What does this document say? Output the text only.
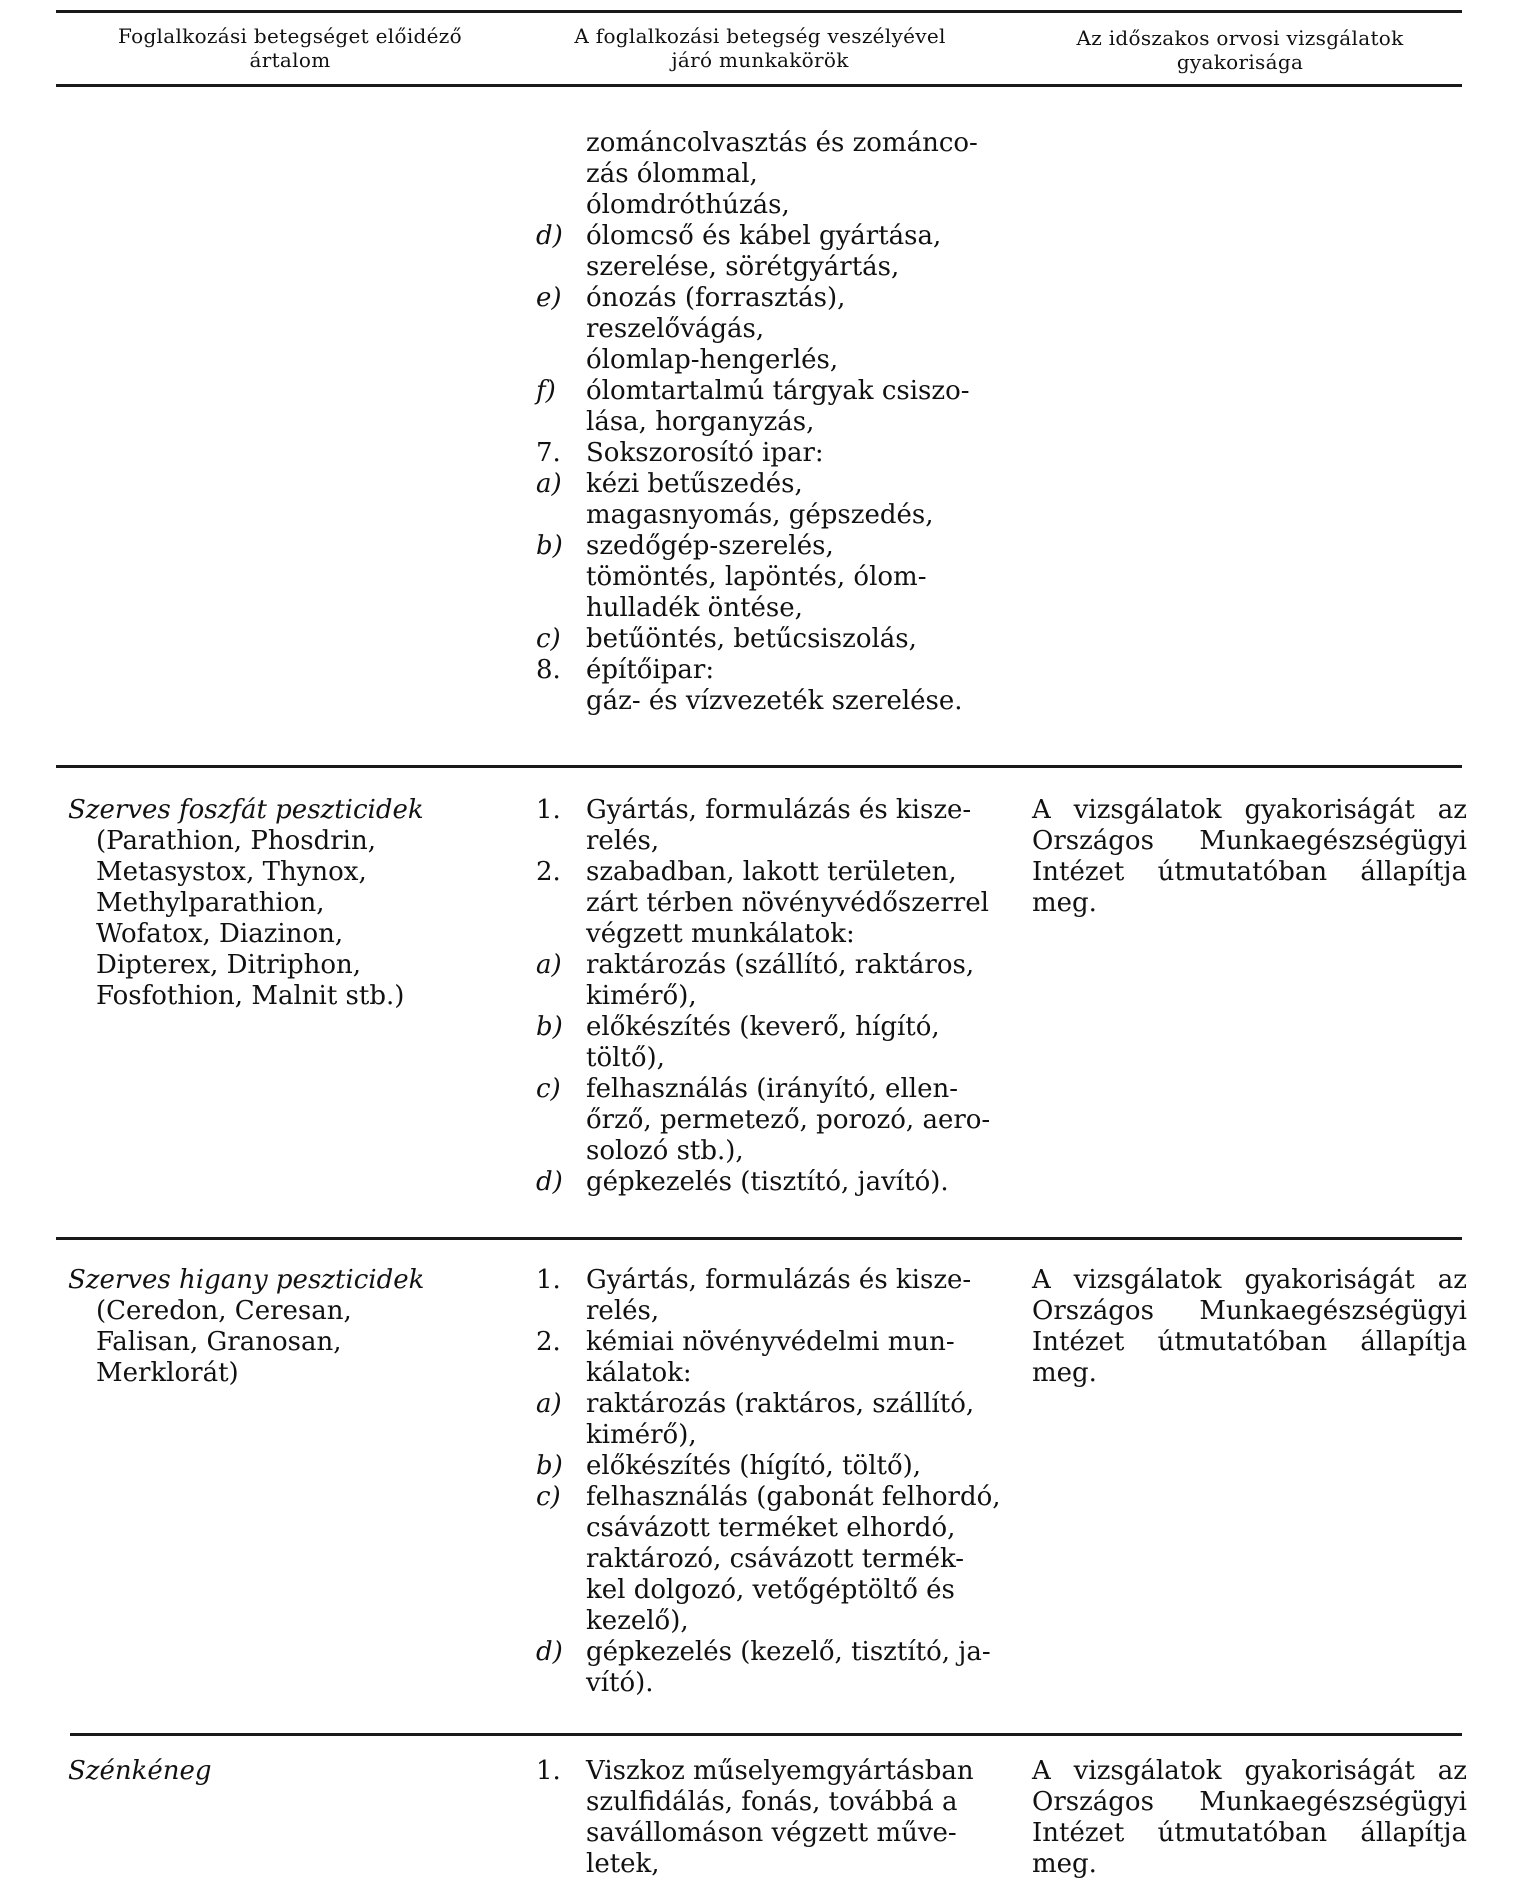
Foglalkozási betegséget előidéző
ártalom
A foglalkozási betegség veszélyével
járó munkakörök
Az időszakos orvosi vizsgálatok
gyakorisága
zománcolvasztás és zománco-
zás ólommal,
ólomdróthúzás,
d) ólomcső és kábel gyártása,
szerelése, sörétgyártás,
e) ónozás (forrasztás),
reszelővágás,
ólomlap-hengerlés,
f)	ólomtartalmú tárgyak csiszo-
lása, horganyzás,
7. Sokszorosító ipar:
a) kézi betűszedés,
magasnyomás, gépszedés,
b) szedőgép-szerelés,
tömöntés, lapöntés, ólom-
hulladék öntése,
c) betűöntés, betűcsiszolás,
8. építőipar:
gáz- és vízvezeték szerelése.
Szerves foszfát peszticidek
(Parathion, Phosdrin,
Metasystox, Thynox,
Methylparathion,
Wofatox, Diazinon,
Dipterex, Ditriphon,
Fosfothion, Malnit stb.)
1. Gyártás, formulázás és kisze-
relés,
2. szabadban, lakott területen,
zárt térben növényvédőszerrel
végzett munkálatok:
a) raktározás (szállító, raktáros,
kimérő),
b) előkészítés (keverő, hígító,
töltő),
c) felhasználás (irányító, ellen-
őrző, permetező, porozó, aero-
solozó stb.),
d) gépkezelés (tisztító, javító).
A vizsgálatok gyakoriságát az
Országos Munkaegészségügyi
Intézet útmutatóban állapítja
meg.
Szerves higany peszticidek
(Ceredon, Ceresan,
Falisan, Granosan,
Merklorát)
1. Gyártás, formulázás és kisze-
relés,
2. kémiai növényvédelmi mun-
kálatok:
a) raktározás (raktáros, szállító,
kimérő),
b) előkészítés (hígító, töltő),
c) felhasználás (gabonát felhordó,
csávázott terméket elhordó,
raktározó, csávázott termék-
kel dolgozó, vetőgéptöltő és
kezelő),
d) gépkezelés (kezelő, tisztító, ja-
vító).
A vizsgálatok gyakoriságát az
Országos Munkaegészségügyi
Intézet útmutatóban állapítja
meg.
Szénkéneg	1. Viszkoz műselyemgyártásban
szulfidálás, fonás, továbbá a
savállomáson végzett műve-
letek,
A vizsgálatok gyakoriságát az
Országos Munkaegészségügyi
Intézet útmutatóban állapítja
meg.
